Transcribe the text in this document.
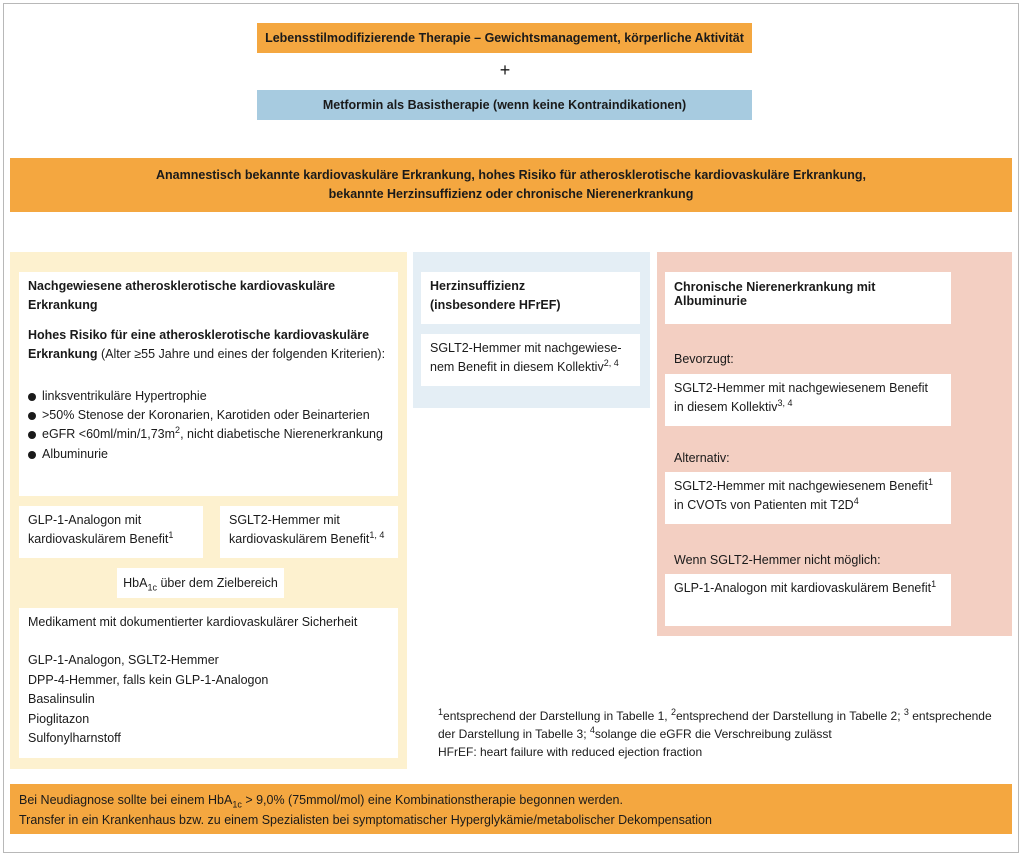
Lebensstilmodifizierende Therapie – Gewichtsmanagement, körperliche Aktivität
+
Metformin als Basistherapie (wenn keine Kontraindikationen)
Anamnestisch bekannte kardiovaskuläre Erkrankung, hohes Risiko für atherosklerotische kardiovaskuläre Erkrankung,
bekannte Herzinsuffizienz oder chronische Nierenerkrankung
Nachgewiesene atherosklerotische kardiovaskuläre
Erkrankung
Hohes Risiko für eine atherosklerotische kardiovaskuläre
Erkrankung (Alter ≥55 Jahre und eines der folgenden Kriterien):
linksventrikuläre Hypertrophie
>50% Stenose der Koronarien, Karotiden oder Beinarterien
eGFR $<60ml/\min/1,73m^2$, nicht diabetische Nierenerkrankung
Albuminurie
GLP-1-Analogon mit
kardiovaskulärem Benefit$^1$
SGLT2-Hemmer mit
kardiovaskulärem Benefit$^{1, 4}$
HbA$_{1c}$ über dem Zielbereich
Medikament mit dokumentierter kardiovaskulärer Sicherheit
GLP-1-Analogon, SGLT2-Hemmer
DPP-4-Hemmer, falls kein GLP-1-Analogon
Basalinsulin
Pioglitazon
Sulfonylharnstoff
Herzinsuffizienz
(insbesondere HFrEF)
SGLT2-Hemmer mit nachgewiese-
nem Benefit in diesem Kollektiv$^{2, 4}$
Chronische Nierenerkrankung mit Albuminurie
Bevorzugt:
SGLT2-Hemmer mit nachgewiesenem Benefit
in diesem Kollektiv$^{3, 4}$
Alternativ:
SGLT2-Hemmer mit nachgewiesenem Benefit$^1$
in CVOTs von Patienten mit $T2D^4$
Wenn SGLT2-Hemmer nicht möglich:
GLP-1-Analogon mit kardiovaskulärem Benefit$^1$
$^1$entsprechend der Darstellung in Tabelle 1, $^2$entsprechend der Darstellung in Tabelle 2; $^3$ entsprechende
der Darstellung in Tabelle 3; $^4$solange die eGFR die Verschreibung zulässt
HFrEF: heart failure with reduced ejection fraction
Bei Neudiagnose sollte bei einem HbA$_{1c}$ > 9,0% (75mmol/mol) eine Kombinationstherapie begonnen werden.
Transfer in ein Krankenhaus bzw. zu einem Spezialisten bei symptomatischer Hyperglykämie/metabolischer Dekompensation
